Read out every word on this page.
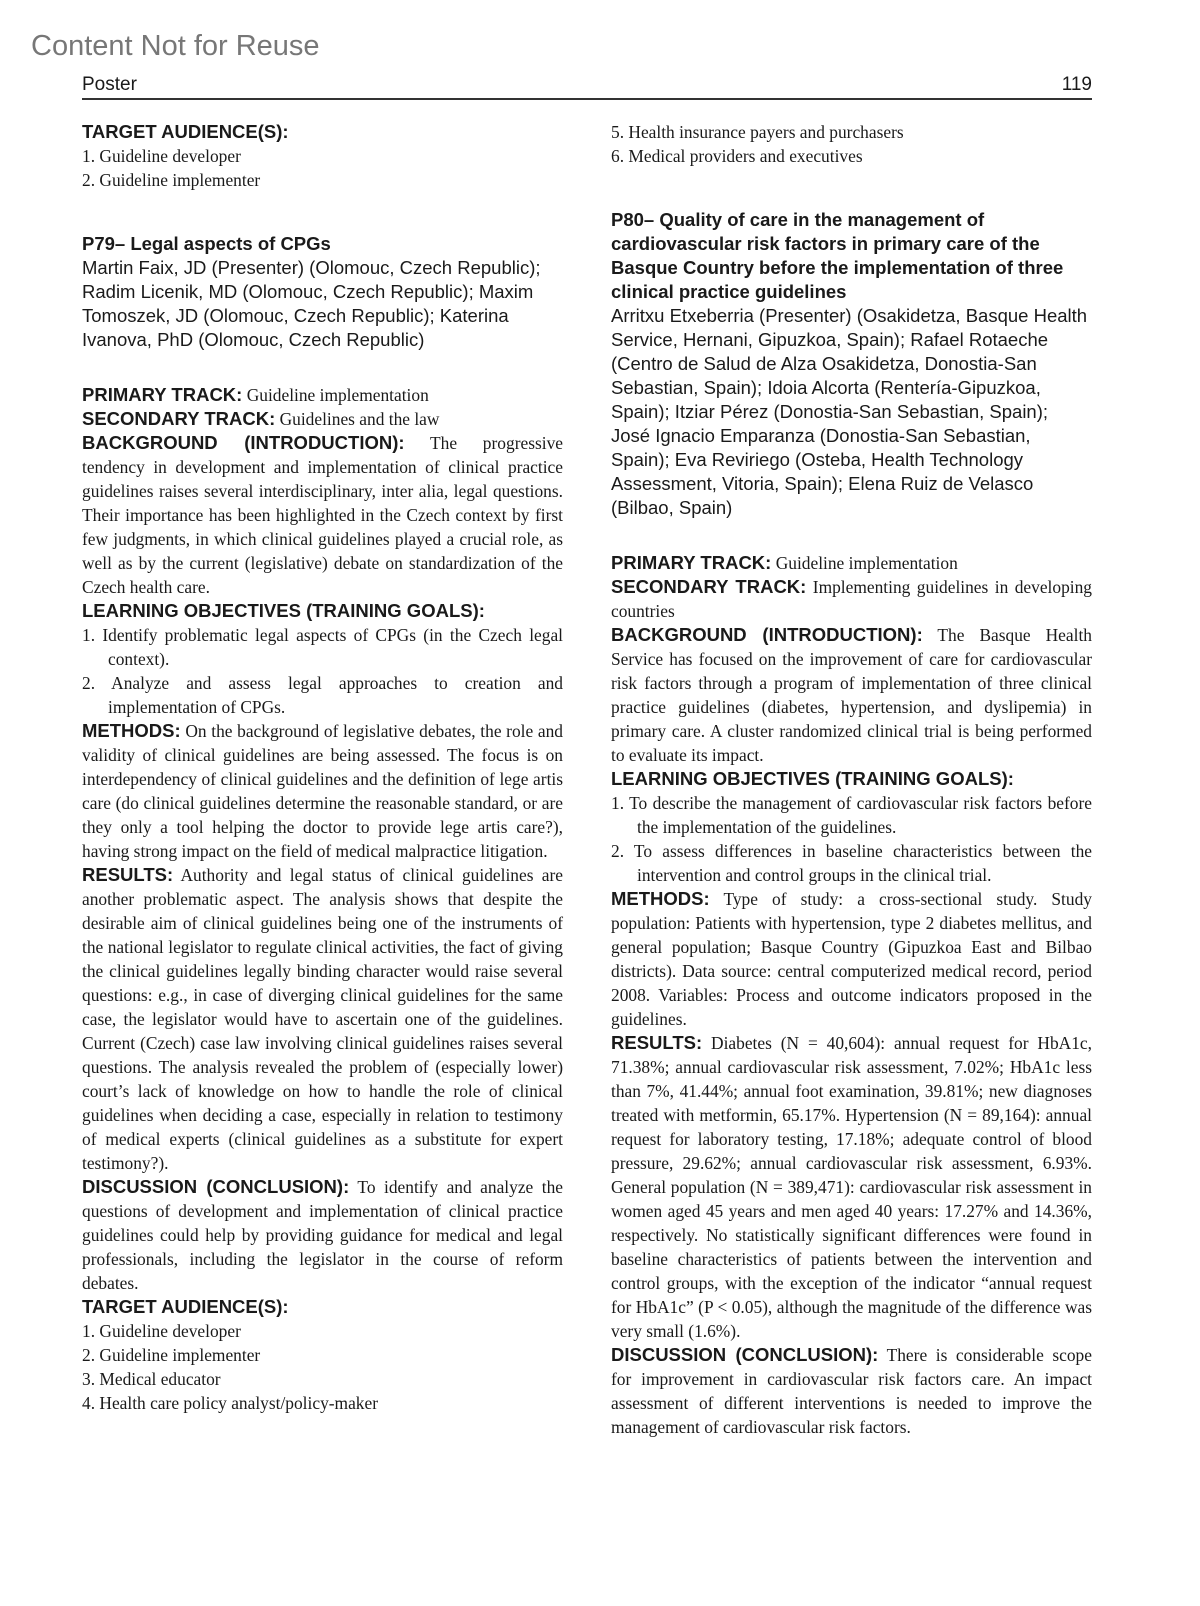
Content Not for Reuse
Poster	119
TARGET AUDIENCE(S):
1. Guideline developer
2. Guideline implementer
P79– Legal aspects of CPGs
Martin Faix, JD (Presenter) (Olomouc, Czech Republic); Radim Licenik, MD (Olomouc, Czech Republic); Maxim Tomoszek, JD (Olomouc, Czech Republic); Katerina Ivanova, PhD (Olomouc, Czech Republic)

PRIMARY TRACK: Guideline implementation

SECONDARY TRACK: Guidelines and the law

BACKGROUND (INTRODUCTION): The progressive tendency in development and implementation of clinical practice guidelines raises several interdisciplinary, inter alia, legal questions. Their importance has been highlighted in the Czech context by first few judgments, in which clinical guidelines played a crucial role, as well as by the current (legislative) debate on standardization of the Czech health care.

LEARNING OBJECTIVES (TRAINING GOALS):
1. Identify problematic legal aspects of CPGs (in the Czech legal context).
2. Analyze and assess legal approaches to creation and implementation of CPGs.

METHODS: On the background of legislative debates, the role and validity of clinical guidelines are being assessed. The focus is on interdependency of clinical guidelines and the definition of lege artis care (do clinical guidelines determine the reasonable standard, or are they only a tool helping the doctor to provide lege artis care?), having strong impact on the field of medical malpractice litigation.

RESULTS: Authority and legal status of clinical guidelines are another problematic aspect. The analysis shows that despite the desirable aim of clinical guidelines being one of the instruments of the national legislator to regulate clinical activities, the fact of giving the clinical guidelines legally binding character would raise several questions: e.g., in case of diverging clinical guidelines for the same case, the legislator would have to ascertain one of the guidelines. Current (Czech) case law involving clinical guidelines raises several questions. The analysis revealed the problem of (especially lower) court’s lack of knowledge on how to handle the role of clinical guidelines when deciding a case, especially in relation to testimony of medical experts (clinical guidelines as a substitute for expert testimony?).

DISCUSSION (CONCLUSION): To identify and analyze the questions of development and implementation of clinical practice guidelines could help by providing guidance for medical and legal professionals, including the legislator in the course of reform debates.

TARGET AUDIENCE(S):
1. Guideline developer
2. Guideline implementer
3. Medical educator
4. Health care policy analyst/policy-maker
5. Health insurance payers and purchasers
6. Medical providers and executives
P80– Quality of care in the management of cardiovascular risk factors in primary care of the Basque Country before the implementation of three clinical practice guidelines
Arritxu Etxeberria (Presenter) (Osakidetza, Basque Health Service, Hernani, Gipuzkoa, Spain); Rafael Rotaeche (Centro de Salud de Alza Osakidetza, Donostia-San Sebastian, Spain); Idoia Alcorta (Rentería-Gipuzkoa, Spain); Itziar Pérez (Donostia-San Sebastian, Spain); José Ignacio Emparanza (Donostia-San Sebastian, Spain); Eva Reviriego (Osteba, Health Technology Assessment, Vitoria, Spain); Elena Ruiz de Velasco (Bilbao, Spain)

PRIMARY TRACK: Guideline implementation

SECONDARY TRACK: Implementing guidelines in developing countries

BACKGROUND (INTRODUCTION): The Basque Health Service has focused on the improvement of care for cardiovascular risk factors through a program of implementation of three clinical practice guidelines (diabetes, hypertension, and dyslipemia) in primary care. A cluster randomized clinical trial is being performed to evaluate its impact.

LEARNING OBJECTIVES (TRAINING GOALS):
1. To describe the management of cardiovascular risk factors before the implementation of the guidelines.
2. To assess differences in baseline characteristics between the intervention and control groups in the clinical trial.

METHODS: Type of study: a cross-sectional study. Study population: Patients with hypertension, type 2 diabetes mellitus, and general population; Basque Country (Gipuzkoa East and Bilbao districts). Data source: central computerized medical record, period 2008. Variables: Process and outcome indicators proposed in the guidelines.

RESULTS: Diabetes (N = 40,604): annual request for HbA1c, 71.38%; annual cardiovascular risk assessment, 7.02%; HbA1c less than 7%, 41.44%; annual foot examination, 39.81%; new diagnoses treated with metformin, 65.17%. Hypertension (N = 89,164): annual request for laboratory testing, 17.18%; adequate control of blood pressure, 29.62%; annual cardiovascular risk assessment, 6.93%. General population (N = 389,471): cardiovascular risk assessment in women aged 45 years and men aged 40 years: 17.27% and 14.36%, respectively. No statistically significant differences were found in baseline characteristics of patients between the intervention and control groups, with the exception of the indicator “annual request for HbA1c” (P < 0.05), although the magnitude of the difference was very small (1.6%).

DISCUSSION (CONCLUSION): There is considerable scope for improvement in cardiovascular risk factors care. An impact assessment of different interventions is needed to improve the management of cardiovascular risk factors.
